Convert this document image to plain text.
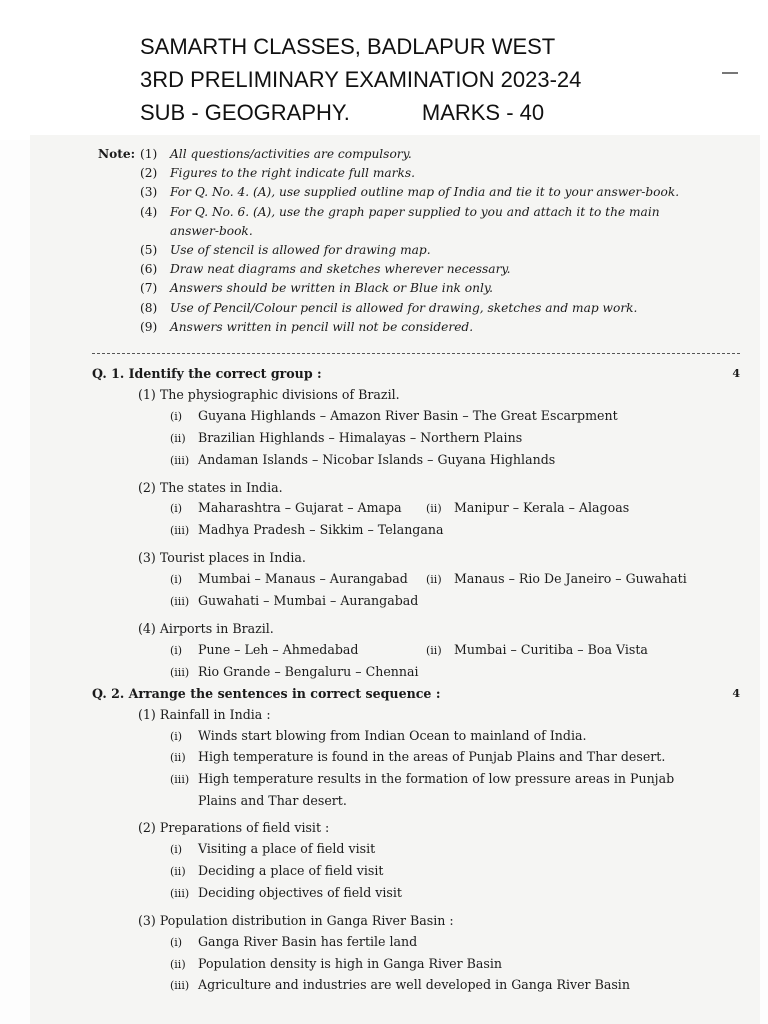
SAMARTH CLASSES, BADLAPUR WEST
3RD PRELIMINARY EXAMINATION 2023-24
SUB - GEOGRAPHY.	MARKS - 40
Note: (1) All questions/activities are compulsory.
(2) Figures to the right indicate full marks.
(3) For Q. No. 4. (A), use supplied outline map of India and tie it to your answer-book.
(4) For Q. No. 6. (A), use the graph paper supplied to you and attach it to the main
answer-book.
(5) Use of stencil is allowed for drawing map.
(6) Draw neat diagrams and sketches wherever necessary.
(7) Answers should be written in Black or Blue ink only.
(8) Use of Pencil/Colour pencil is allowed for drawing, sketches and map work.
(9) Answers written in pencil will not be considered.
Q. 1. Identify the correct group :	4
(1) The physiographic divisions of Brazil.
(i) Guyana Highlands – Amazon River Basin – The Great Escarpment
(ii) Brazilian Highlands – Himalayas – Northern Plains
(iii) Andaman Islands – Nicobar Islands – Guyana Highlands
(2) The states in India.
(i) Maharashtra – Gujarat – Amapa	(ii) Manipur – Kerala – Alagoas
(iii) Madhya Pradesh – Sikkim – Telangana
(3) Tourist places in India.
(i) Mumbai – Manaus – Aurangabad	(ii) Manaus – Rio De Janeiro – Guwahati
(iii) Guwahati – Mumbai – Aurangabad
(4) Airports in Brazil.
(i) Pune – Leh – Ahmedabad	(ii) Mumbai – Curitiba – Boa Vista
(iii) Rio Grande – Bengaluru – Chennai
Q. 2. Arrange the sentences in correct sequence :	4
(1) Rainfall in India :
(i) Winds start blowing from Indian Ocean to mainland of India.
(ii) High temperature is found in the areas of Punjab Plains and Thar desert.
(iii) High temperature results in the formation of low pressure areas in Punjab
Plains and Thar desert.
(2) Preparations of field visit :
(i) Visiting a place of field visit
(ii) Deciding a place of field visit
(iii) Deciding objectives of field visit
(3) Population distribution in Ganga River Basin :
(i) Ganga River Basin has fertile land
(ii) Population density is high in Ganga River Basin
(iii) Agriculture and industries are well developed in Ganga River Basin
